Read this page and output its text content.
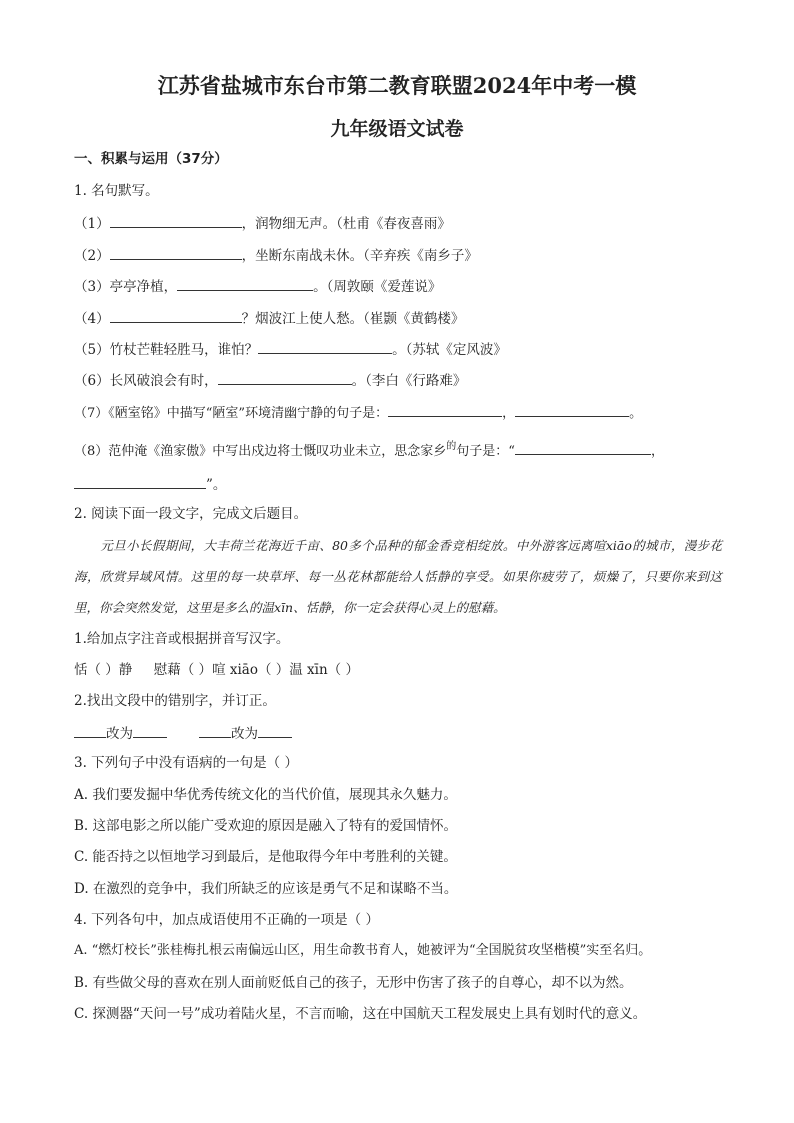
江苏省盐城市东台市第二教育联盟2024年中考一模
九年级语文试卷
一、积累与运用（37分）
1. 名句默写。
（1）	，润物细无声。（杜甫《春夜喜雨》
（2）	，坐断东南战未休。（辛弃疾《南乡子》
（3）亭亭净植，	。（周敦颐《爱莲说》
（4）	？烟波江上使人愁。（崔颢《黄鹤楼》
（5）竹杖芒鞋轻胜马，谁怕？	。（苏轼《定风波》
（6）长风破浪会有时，	。（李白《行路难》
（7）《陋室铭》中描写“陋室”环境清幽宁静的句子是：	，	。
（8）范仲淹《渔家傲》中写出戍边将士慨叹功业未立，思念家乡$^的$句子是：“	，
”。
2. 阅读下面一段文字，完成文后题目。
元旦小长假期间，大丰荷兰花海近千亩、80多个品种的郁金香竞相绽放。中外游客远离喧xiāo的城市，漫步花海，欣赏异域风情。这里的每一块草坪、每一丛花林都能给人恬静的享受。如果你疲劳了，烦燥了，只要你来到这里，你会突然发觉，这里是多么的温xīn、恬静，你一定会获得心灵上的慰藉。
1.给加点字注音或根据拼音写汉字。
恬（ ）静 慰藉（ ）喧 xiāo（ ）温 xīn（ ）
2.找出文段中的错别字，并订正。
改为	改为
3. 下列句子中没有语病的一句是（ ）
A. 我们要发掘中华优秀传统文化的当代价值，展现其永久魅力。
B. 这部电影之所以能广受欢迎的原因是融入了特有的爱国情怀。
C. 能否持之以恒地学习到最后，是他取得今年中考胜利的关键。
D. 在激烈的竞争中，我们所缺乏的应该是勇气不足和谋略不当。
4. 下列各句中，加点成语使用不正确的一项是（ ）
A. “燃灯校长”张桂梅扎根云南偏远山区，用生命教书育人，她被评为“全国脱贫攻坚楷模”实至名归。
B. 有些做父母的喜欢在别人面前贬低自己的孩子，无形中伤害了孩子的自尊心，却不以为然。
C. 探测器“天问一号”成功着陆火星，不言而喻，这在中国航天工程发展史上具有划时代的意义。
